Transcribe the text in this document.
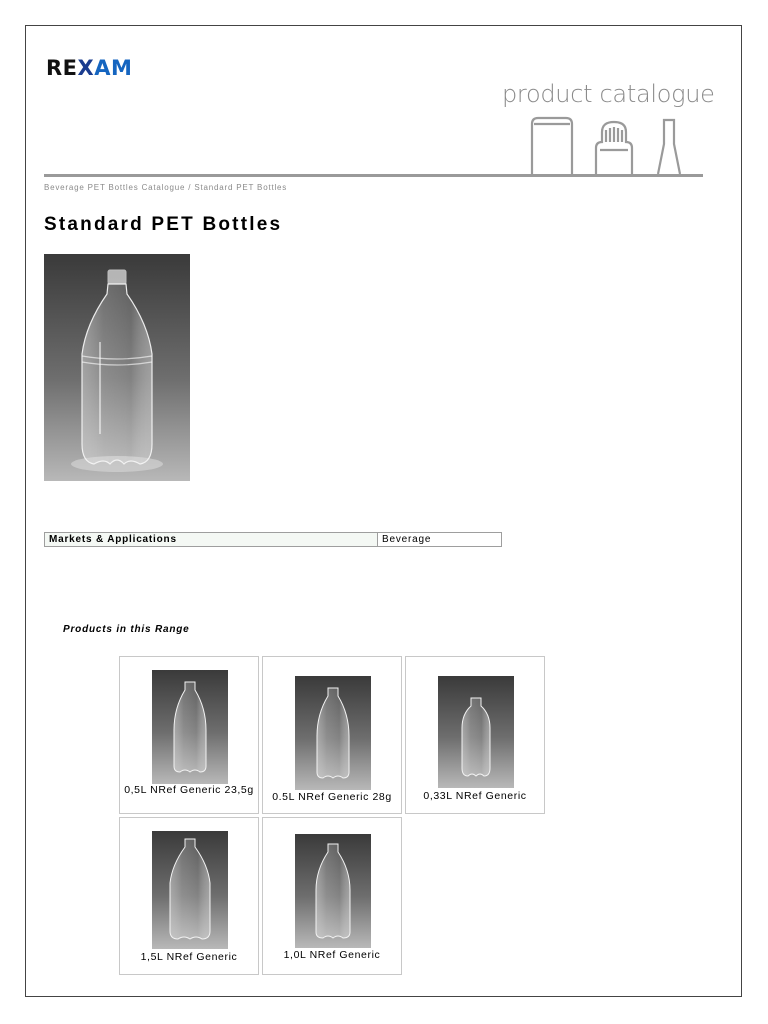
REXAM
product catalogue
Beverage PET Bottles Catalogue / Standard PET Bottles
Standard PET Bottles
Markets & Applications	Beverage
Products in this Range
0,5L NRef Generic 23,5g
0.5L NRef Generic 28g	0,33L NRef Generic
1,5L NRef Generic	1,0L NRef Generic
